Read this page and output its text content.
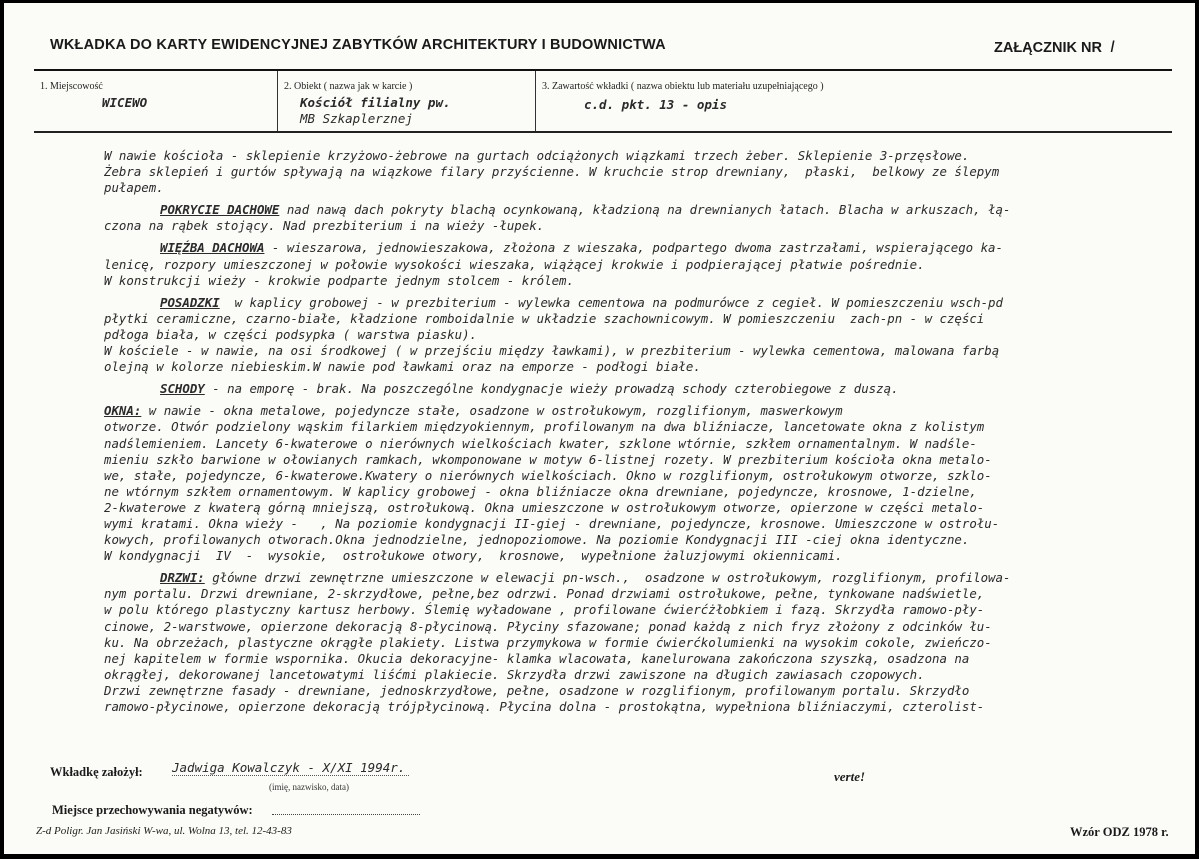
WKŁADKA DO KARTY EWIDENCYJNEJ ZABYTKÓW ARCHITEKTURY I BUDOWNICTWA	ZAŁĄCZNIK NR I
1. Miejscowość
WICEWO
2. Obiekt ( nazwa jak w karcie )
Kościół filialny pw.
MB Szkaplerznej
3. Zawartość wkładki ( nazwa obiektu lub materiału uzupełniającego )
c.d. pkt. 13 - opis
W nawie kościoła - sklepienie krzyżowo-żebrowe na gurtach odciążonych wiązkami trzech żeber. Sklepienie 3-przęsłowe.
Żebra sklepień i gurtów spływają na wiązkowe filary przyścienne. W kruchcie strop drewniany,  płaski,  belkowy ze ślepym
pułapem.
POKRYCIE DACHOWE nad nawą dach pokryty blachą ocynkowaną, kładzioną na drewnianych łatach. Blacha w arkuszach, łą-
czona na rąbek stojący. Nad prezbiterium i na wieży -łupek.
WIĘŹBA DACHOWA - wieszarowa, jednowieszakowa, złożona z wieszaka, podpartego dwoma zastrzałami, wspierającego ka-
lenicę, rozpory umieszczonej w połowie wysokości wieszaka, wiążącej krokwie i podpierającej płatwie pośrednie.
W konstrukcji wieży - krokwie podparte jednym stolcem - królem.
POSADZKI  w kaplicy grobowej - w prezbiterium - wylewka cementowa na podmurówce z cegieł. W pomieszczeniu wsch-pd
płytki ceramiczne, czarno-białe, kładzione romboidalnie w układzie szachownicowym. W pomieszczeniu  zach-pn - w części
pdłoga biała, w części podsypka ( warstwa piasku).
W kościele - w nawie, na osi środkowej ( w przejściu między ławkami), w prezbiterium - wylewka cementowa, malowana farbą
olejną w kolorze niebieskim.W nawie pod ławkami oraz na emporze - podłogi białe.
SCHODY - na emporę - brak. Na poszczególne kondygnacje wieży prowadzą schody czterobiegowe z duszą.
OKNA: w nawie - okna metalowe, pojedyncze stałe, osadzone w ostrołukowym, rozglifionym, maswerkowym
otworze. Otwór podzielony wąskim filarkiem międzyokiennym, profilowanym na dwa bliźniacze, lancetowate okna z kolistym
nadślemieniem. Lancety 6-kwaterowe o nierównych wielkościach kwater, szklone wtórnie, szkłem ornamentalnym. W nadśle-
mieniu szkło barwione w ołowianych ramkach, wkomponowane w motyw 6-listnej rozety. W prezbiterium kościoła okna metalo-
we, stałe, pojedyncze, 6-kwaterowe.Kwatery o nierównych wielkościach. Okno w rozglifionym, ostrołukowym otworze, szklo-
ne wtórnym szkłem ornamentowym. W kaplicy grobowej - okna bliźniacze okna drewniane, pojedyncze, krosnowe, 1-dzielne,
2-kwaterowe z kwaterą górną mniejszą, ostrołukową. Okna umieszczone w ostrołukowym otworze, opierzone w części metalo-
wymi kratami. Okna wieży -   , Na poziomie kondygnacji II-giej - drewniane, pojedyncze, krosnowe. Umieszczone w ostrołu-
kowych, profilowanych otworach.Okna jednodzielne, jednopoziomowe. Na poziomie Kondygnacji III -ciej okna identyczne.
W kondygnacji  IV  -  wysokie,  ostrołukowe otwory,  krosnowe,  wypełnione żaluzjowymi okiennicami.
DRZWI: główne drzwi zewnętrzne umieszczone w elewacji pn-wsch.,  osadzone w ostrołukowym, rozglifionym, profilowa-
nym portalu. Drzwi drewniane, 2-skrzydłowe, pełne,bez odrzwi. Ponad drzwiami ostrołukowe, pełne, tynkowane nadświetle,
w polu którego plastyczny kartusz herbowy. Ślemię wyładowane , profilowane ćwierćżłobkiem i fazą. Skrzydła ramowo-pły-
cinowe, 2-warstwowe, opierzone dekoracją 8-płycinową. Płyciny sfazowane; ponad każdą z nich fryz złożony z odcinków łu-
ku. Na obrzeżach, plastyczne okrągłe plakiety. Listwa przymykowa w formie ćwierćkolumienki na wysokim cokole, zwieńczo-
nej kapitelem w formie wspornika. Okucia dekoracyjne- klamka wlacowata, kanelurowana zakończona szyszką, osadzona na
okrągłej, dekorowanej lancetowatymi liśćmi plakiecie. Skrzydła drzwi zawiszone na długich zawiasach czopowych.
Drzwi zewnętrzne fasady - drewniane, jednoskrzydłowe, pełne, osadzone w rozglifionym, profilowanym portalu. Skrzydło
ramowo-płycinowe, opierzone dekoracją trójpłycinową. Płycina dolna - prostokątna, wypełniona bliźniaczymi, czterolist-
Wkładkę założył: Jadwiga Kowalczyk - X/XI 1994r.
(imię, nazwisko, data)
verte!
Miejsce przechowywania negatywów:
Z-d Poligr. Jan Jasiński W-wa, ul. Wolna 13, tel. 12-43-83	Wzór ODZ 1978 r.
